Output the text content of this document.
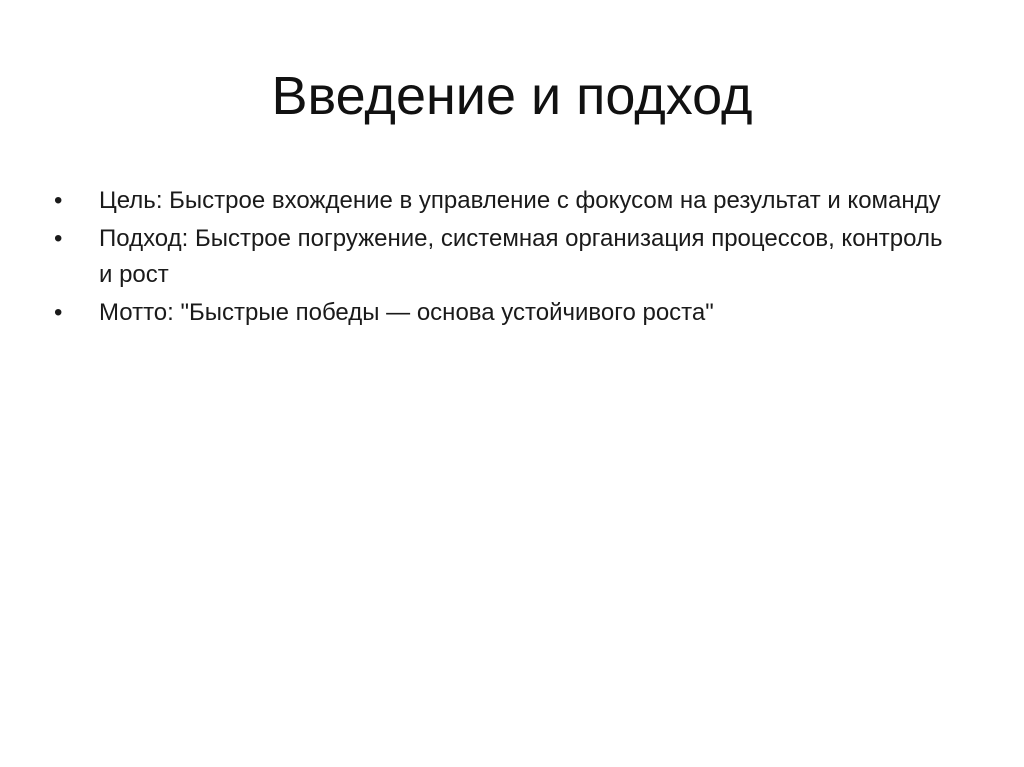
Введение и подход
•	Цель: Быстрое вхождение в управление с фокусом на результат и команду
•	Подход: Быстрое погружение, системная организация процессов, контроль и рост
•	Мотто: "Быстрые победы — основа устойчивого роста"
